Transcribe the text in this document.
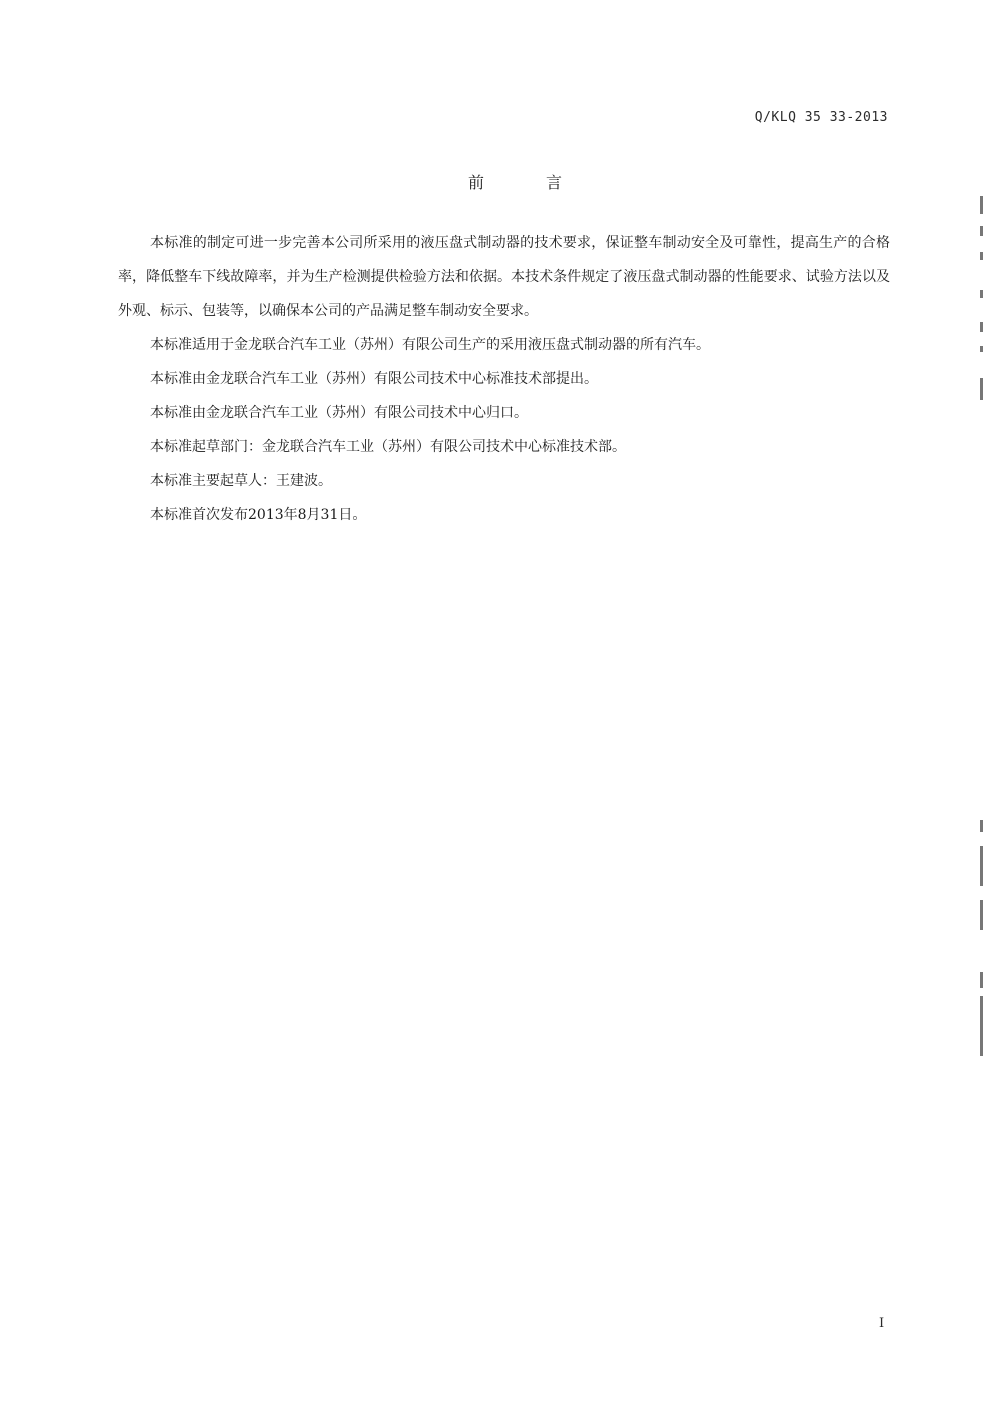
Q/KLQ 35 33-2013
前	言

本标准的制定可进一步完善本公司所采用的液压盘式制动器的技术要求，保证整车制动安全及可靠性，提高生产的合格率，降低整车下线故障率，并为生产检测提供检验方法和依据。本技术条件规定了液压盘式制动器的性能要求、试验方法以及外观、标示、包装等，以确保本公司的产品满足整车制动安全要求。

本标准适用于金龙联合汽车工业（苏州）有限公司生产的采用液压盘式制动器的所有汽车。

本标准由金龙联合汽车工业（苏州）有限公司技术中心标准技术部提出。

本标准由金龙联合汽车工业（苏州）有限公司技术中心归口。

本标准起草部门：金龙联合汽车工业（苏州）有限公司技术中心标准技术部。

本标准主要起草人：王建波。

本标准首次发布2013年8月31日。

I
